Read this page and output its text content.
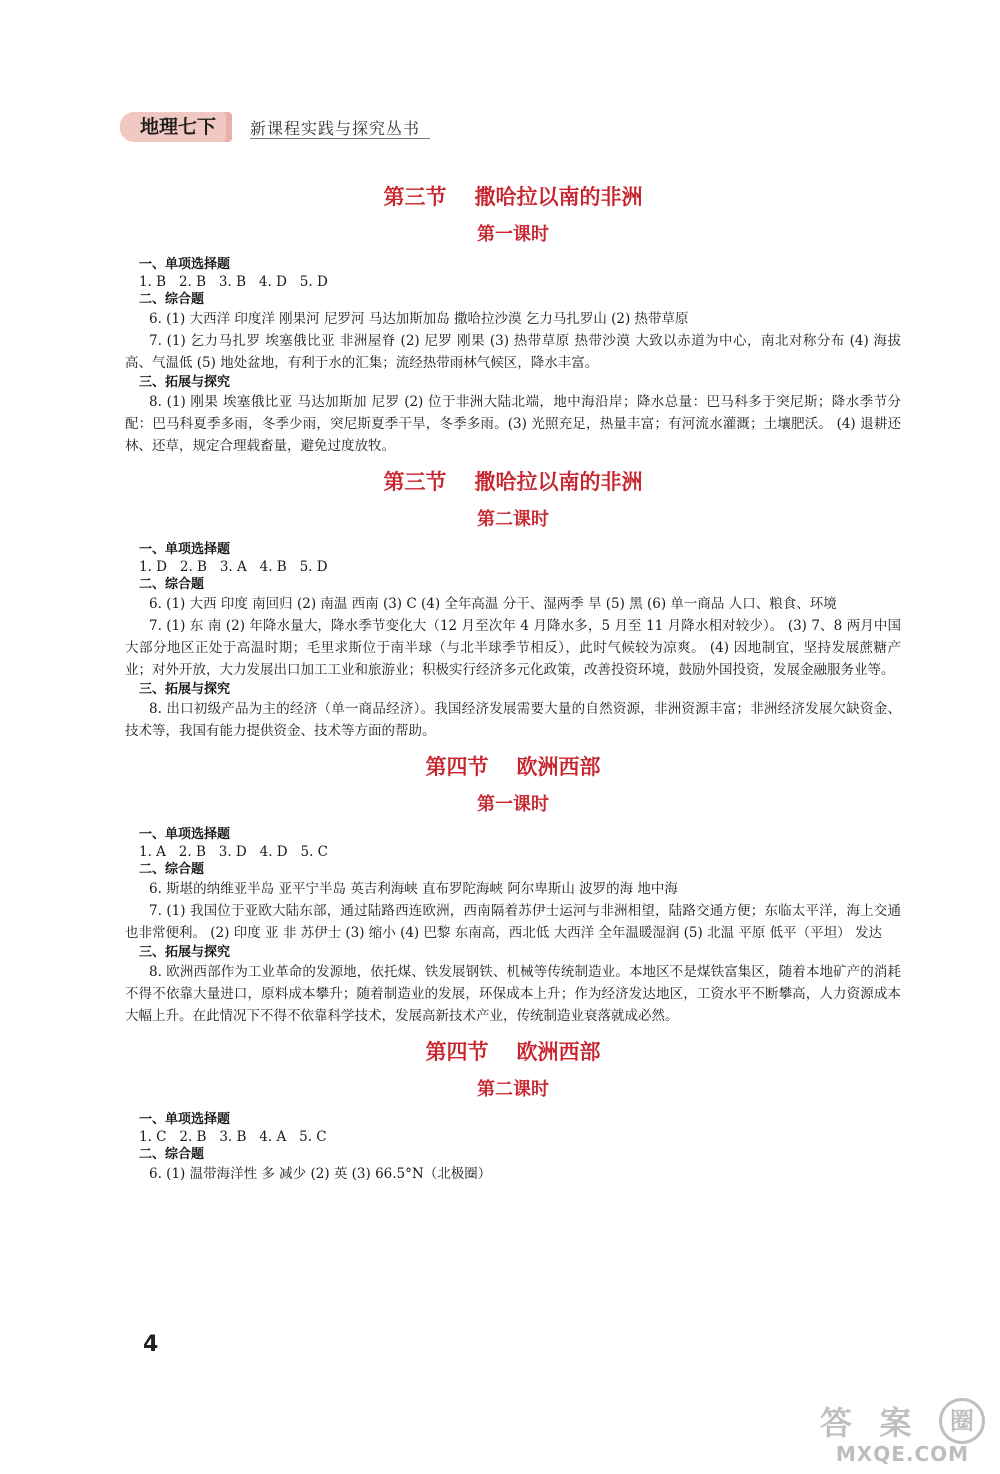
地理七下	新课程实践与探究丛书
第三节 撒哈拉以南的非洲
第一课时
一、单项选择题
1. B   2. B   3. B   4. D   5. D
二、综合题

6. (1) 大西洋 印度洋 刚果河 尼罗河 马达加斯加岛 撒哈拉沙漠 乞力马扎罗山 (2) 热带草原

7. (1) 乞力马扎罗 埃塞俄比亚 非洲屋脊 (2) 尼罗 刚果 (3) 热带草原 热带沙漠 大致以赤道为中心，南北对称分布 (4) 海拔高、气温低 (5) 地处盆地，有利于水的汇集；流经热带雨林气候区，降水丰富。

三、拓展与探究

8. (1) 刚果 埃塞俄比亚 马达加斯加 尼罗 (2) 位于非洲大陆北端，地中海沿岸；降水总量：巴马科多于突尼斯；降水季节分配：巴马科夏季多雨，冬季少雨，突尼斯夏季干旱，冬季多雨。(3) 光照充足，热量丰富；有河流水灌溉；土壤肥沃。 (4) 退耕还林、还草，规定合理载畜量，避免过度放牧。

第三节 撒哈拉以南的非洲
第二课时
一、单项选择题
1. D   2. B   3. A   4. B   5. D
二、综合题

6. (1) 大西 印度 南回归 (2) 南温 西南 (3) C (4) 全年高温 分干、湿两季 旱 (5) 黑 (6) 单一商品 人口、粮食、环境

7. (1) 东 南 (2) 年降水量大，降水季节变化大（12 月至次年 4 月降水多，5 月至 11 月降水相对较少）。 (3) 7、8 两月中国大部分地区正处于高温时期；毛里求斯位于南半球（与北半球季节相反），此时气候较为凉爽。 (4) 因地制宜，坚持发展蔗糖产业；对外开放，大力发展出口加工工业和旅游业；积极实行经济多元化政策，改善投资环境，鼓励外国投资，发展金融服务业等。

三、拓展与探究

8. 出口初级产品为主的经济（单一商品经济）。我国经济发展需要大量的自然资源，非洲资源丰富；非洲经济发展欠缺资金、技术等，我国有能力提供资金、技术等方面的帮助。

第四节 欧洲西部
第一课时
一、单项选择题
1. A   2. B   3. D   4. D   5. C
二、综合题

6. 斯堪的纳维亚半岛 亚平宁半岛 英吉利海峡 直布罗陀海峡 阿尔卑斯山 波罗的海 地中海

7. (1) 我国位于亚欧大陆东部，通过陆路西连欧洲，西南隔着苏伊士运河与非洲相望，陆路交通方便；东临太平洋，海上交通也非常便利。 (2) 印度 亚 非 苏伊士 (3) 缩小 (4) 巴黎 东南高，西北低 大西洋 全年温暖湿润 (5) 北温 平原 低平（平坦） 发达

三、拓展与探究

8. 欧洲西部作为工业革命的发源地，依托煤、铁发展钢铁、机械等传统制造业。本地区不是煤铁富集区，随着本地矿产的消耗不得不依靠大量进口，原料成本攀升；随着制造业的发展，环保成本上升；作为经济发达地区，工资水平不断攀高，人力资源成本大幅上升。在此情况下不得不依靠科学技术，发展高新技术产业，传统制造业衰落就成必然。

第四节 欧洲西部
第二课时
一、单项选择题
1. C   2. B   3. B   4. A   5. C
二、综合题

6. (1) 温带海洋性 多 减少 (2) 英 (3) 66.5°N（北极圈）

4
答 案	圈
MXQE.COM
